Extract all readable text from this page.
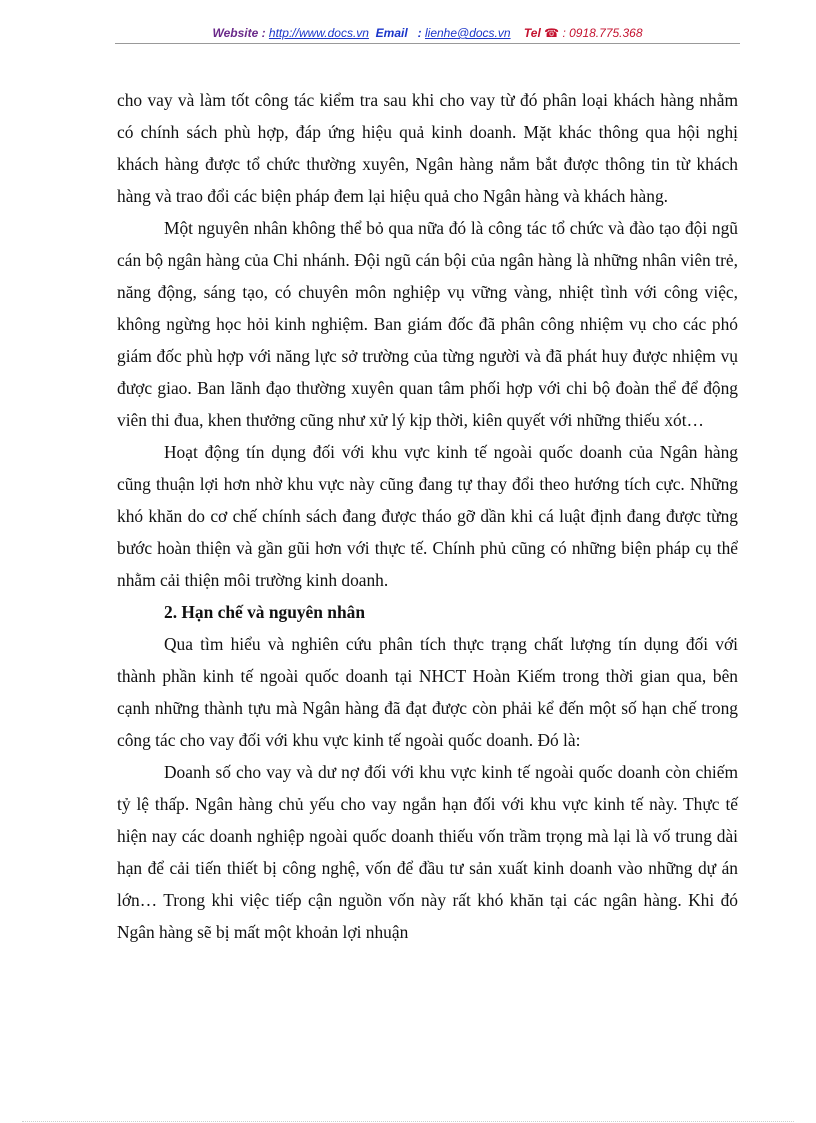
Website : http://www.docs.vn Email   : lienhe@docs.vn Tel ☎ : 0918.775.368

cho vay và làm tốt công tác kiểm tra sau khi cho vay từ đó phân loại khách hàng nhằm có chính sách phù hợp, đáp ứng hiệu quả kinh doanh. Mặt khác thông qua hội nghị khách hàng được tổ chức thường xuyên, Ngân hàng nắm bắt được thông tin từ khách hàng và trao đổi các biện pháp đem lại hiệu quả cho Ngân hàng và khách hàng.

Một nguyên nhân không thể bỏ qua nữa đó là công tác tổ chức và đào tạo đội ngũ cán bộ ngân hàng của Chi nhánh. Đội ngũ cán bội của ngân hàng là những nhân viên trẻ, năng động, sáng tạo, có chuyên môn nghiệp vụ vững vàng, nhiệt tình với công việc, không ngừng học hỏi kinh nghiệm. Ban giám đốc đã phân công nhiệm vụ cho các phó giám đốc phù hợp với năng lực sở trường của từng người và đã phát huy được nhiệm vụ được giao. Ban lãnh đạo thường xuyên quan tâm phối hợp với chi bộ đoàn thể để động viên thi đua, khen thưởng cũng như xử lý kịp thời, kiên quyết với những thiếu xót…

Hoạt động tín dụng đối với khu vực kinh tế ngoài quốc doanh của Ngân hàng cũng thuận lợi hơn nhờ khu vực này cũng đang tự thay đổi theo hướng tích cực. Những khó khăn do cơ chế chính sách đang được tháo gỡ dần khi cá luật định đang được từng bước hoàn thiện và gần gũi hơn với thực tế. Chính phủ cũng có những biện pháp cụ thể nhằm cải thiện môi trường kinh doanh.

2. Hạn chế và nguyên nhân

Qua tìm hiểu và nghiên cứu phân tích thực trạng chất lượng tín dụng đối với thành phần kinh tế ngoài quốc doanh tại NHCT Hoàn Kiếm trong thời gian qua, bên cạnh những thành tựu mà Ngân hàng đã đạt được còn phải kể đến một số hạn chế trong công tác cho vay đối với khu vực kinh tế ngoài quốc doanh. Đó là:

Doanh số cho vay và dư nợ đối với khu vực kinh tế ngoài quốc doanh còn chiếm tỷ lệ thấp. Ngân hàng chủ yếu cho vay ngắn hạn đối với khu vực kinh tế này. Thực tế hiện nay các doanh nghiệp ngoài quốc doanh thiếu vốn trầm trọng mà lại là vố trung dài hạn để cải tiến thiết bị công nghệ, vốn để đầu tư sản xuất kinh doanh vào những dự án lớn… Trong khi việc tiếp cận nguồn vốn này rất khó khăn tại các ngân hàng. Khi đó Ngân hàng sẽ bị mất một khoản lợi nhuận
